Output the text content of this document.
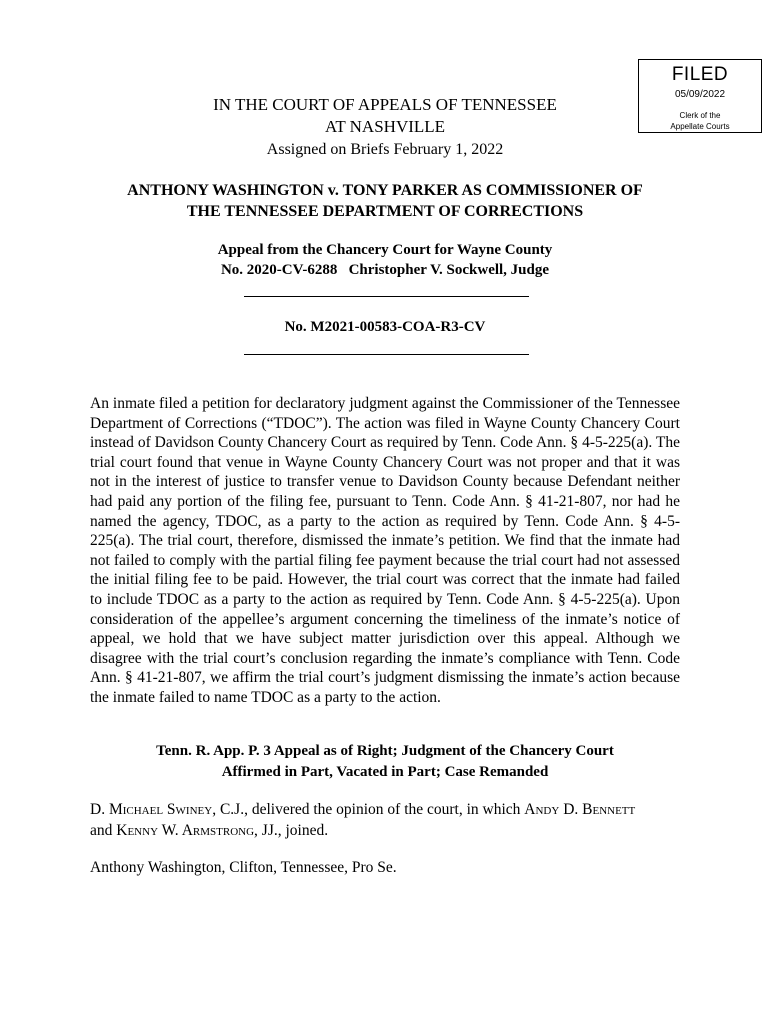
FILED
05/09/2022
Clerk of the
Appellate Courts
IN THE COURT OF APPEALS OF TENNESSEE
AT NASHVILLE
Assigned on Briefs February 1, 2022
ANTHONY WASHINGTON v. TONY PARKER AS COMMISSIONER OF
THE TENNESSEE DEPARTMENT OF CORRECTIONS
Appeal from the Chancery Court for Wayne County
No. 2020-CV-6288   Christopher V. Sockwell, Judge
No. M2021-00583-COA-R3-CV

An inmate filed a petition for declaratory judgment against the Commissioner of the Tennessee Department of Corrections (“TDOC”). The action was filed in Wayne County Chancery Court instead of Davidson County Chancery Court as required by Tenn. Code Ann. § 4-5-225(a). The trial court found that venue in Wayne County Chancery Court was not proper and that it was not in the interest of justice to transfer venue to Davidson County because Defendant neither had paid any portion of the filing fee, pursuant to Tenn. Code Ann. § 41-21-807, nor had he named the agency, TDOC, as a party to the action as required by Tenn. Code Ann. § 4-5-225(a). The trial court, therefore, dismissed the inmate’s petition. We find that the inmate had not failed to comply with the partial filing fee payment because the trial court had not assessed the initial filing fee to be paid. However, the trial court was correct that the inmate had failed to include TDOC as a party to the action as required by Tenn. Code Ann. § 4-5-225(a). Upon consideration of the appellee’s argument concerning the timeliness of the inmate’s notice of appeal, we hold that we have subject matter jurisdiction over this appeal. Although we disagree with the trial court’s conclusion regarding the inmate’s compliance with Tenn. Code Ann. § 41-21-807, we affirm the trial court’s judgment dismissing the inmate’s action because the inmate failed to name TDOC as a party to the action.

Tenn. R. App. P. 3 Appeal as of Right; Judgment of the Chancery Court
Affirmed in Part, Vacated in Part; Case Remanded

D. Michael Swiney, C.J., delivered the opinion of the court, in which Andy D. Bennett
and Kenny W. Armstrong, JJ., joined.

Anthony Washington, Clifton, Tennessee, Pro Se.
